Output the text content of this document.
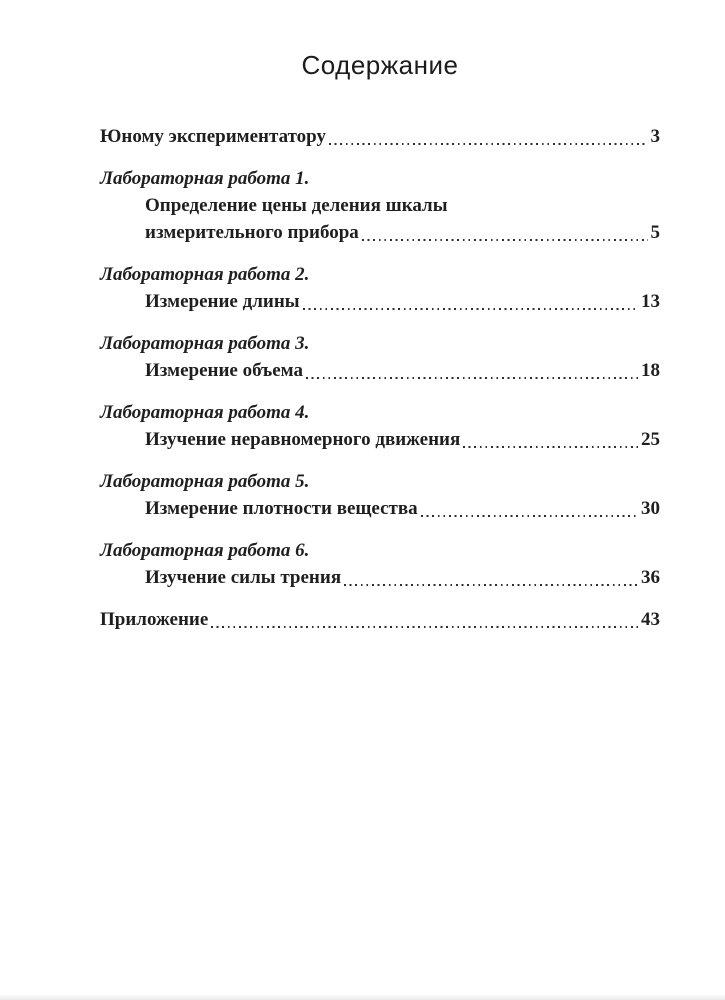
Содержание
Юному экспериментатору	3
Лабораторная работа 1.
Определение цены деления шкалы
измерительного прибора	5
Лабораторная работа 2.
Измерение длины	13
Лабораторная работа 3.
Измерение объема	18
Лабораторная работа 4.
Изучение неравномерного движения	25
Лабораторная работа 5.
Измерение плотности вещества	30
Лабораторная работа 6.
Изучение силы трения	36
Приложение	43
